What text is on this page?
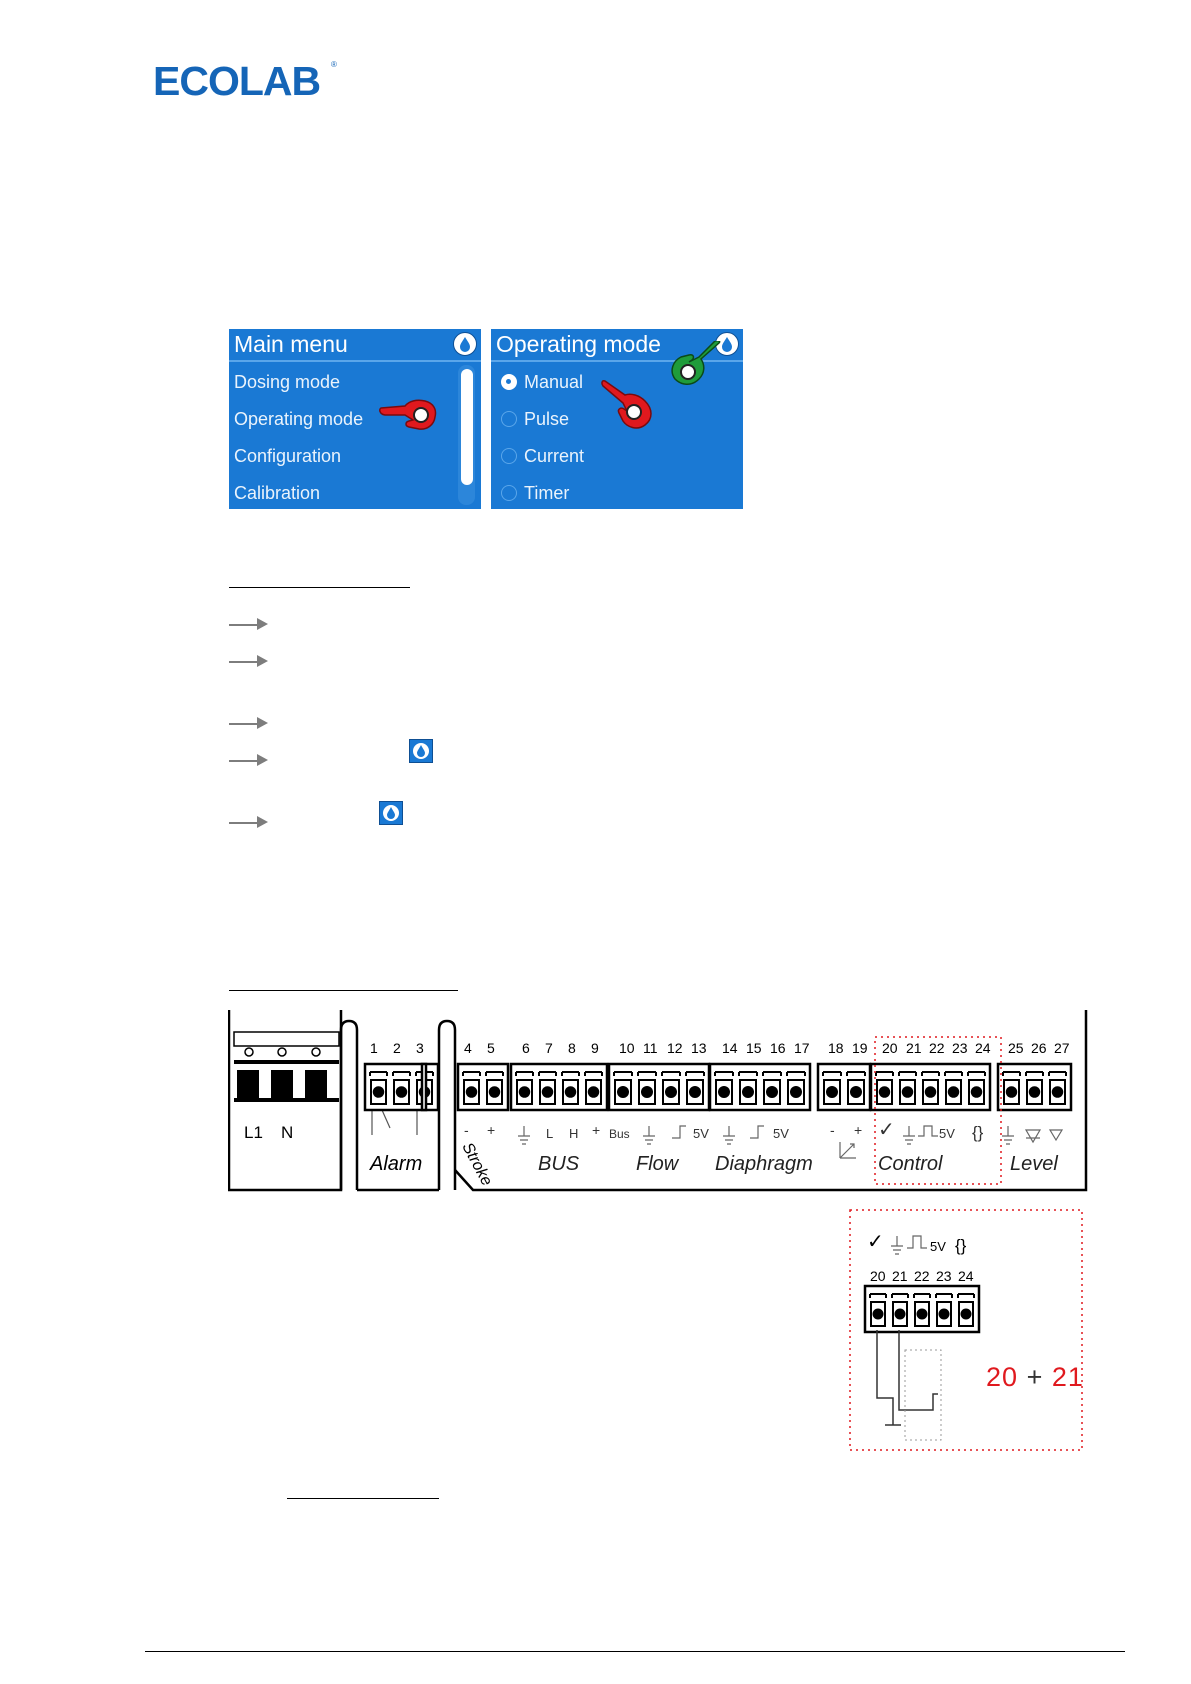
ECOLAB ®
Main menu
Dosing mode
Operating mode
Configuration
Calibration
Operating mode
Manual
Pulse
Current
Timer
L1 N
1 2 3
Alarm
4 5 6 7 8 9 10 11 12 13 14 15 16 17 18 19 20 21 22 23 24 25 26 27
- +	L H + Bus	5V	5V	- + ✓	5V {}
Stroke BUS	Flow Diaphragm	Control	Level
✓	5V {}
20 21 22 23 24
20 + 21
